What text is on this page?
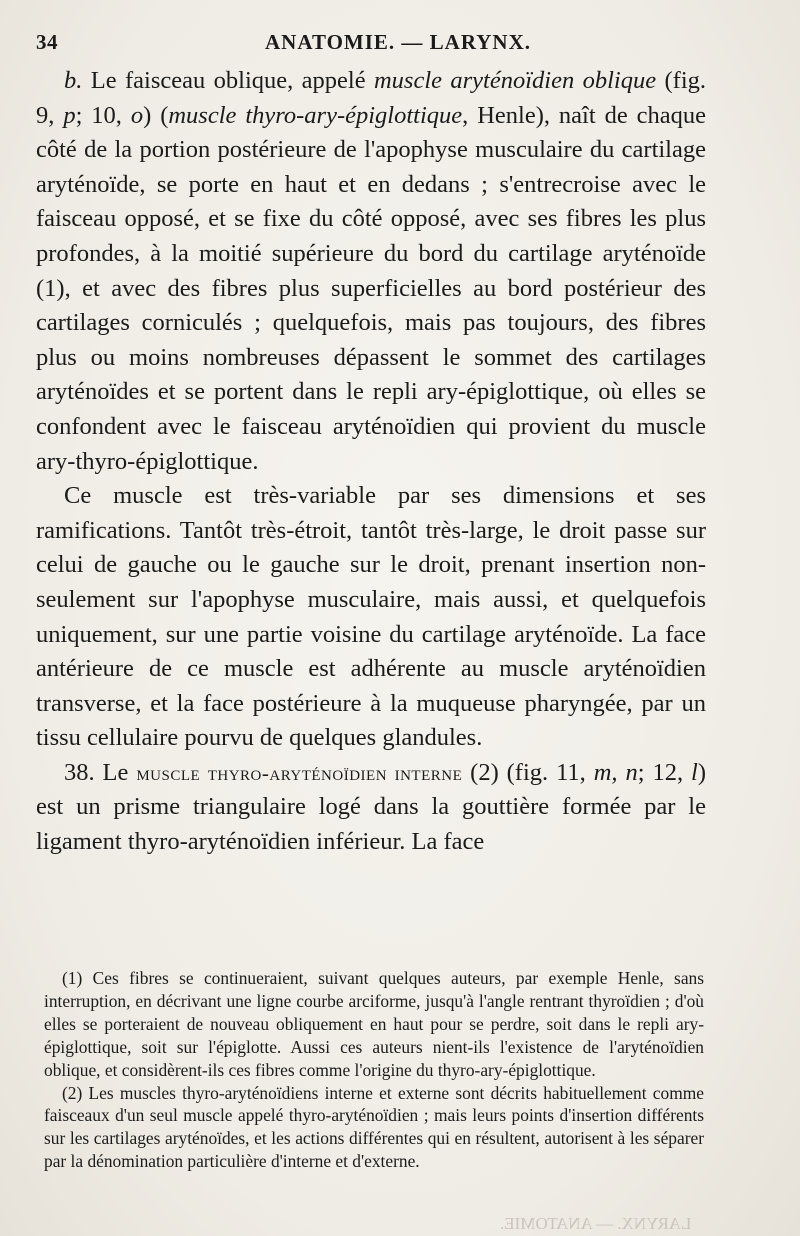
34	ANATOMIE. — LARYNX.

b. Le faisceau oblique, appelé muscle aryténoïdien oblique (fig. 9, p; 10, o) (muscle thyro-ary-épiglottique, Henle), naît de chaque côté de la portion postérieure de l'apophyse musculaire du cartilage aryténoïde, se porte en haut et en dedans ; s'entrecroise avec le faisceau opposé, et se fixe du côté opposé, avec ses fibres les plus profondes, à la moitié supérieure du bord du cartilage aryténoïde (1), et avec des fibres plus superficielles au bord postérieur des cartilages corniculés ; quelquefois, mais pas toujours, des fibres plus ou moins nombreuses dépassent le sommet des cartilages aryténoïdes et se portent dans le repli ary-épiglottique, où elles se confondent avec le faisceau aryténoïdien qui provient du muscle ary-thyro-épiglottique.

Ce muscle est très-variable par ses dimensions et ses ramifications. Tantôt très-étroit, tantôt très-large, le droit passe sur celui de gauche ou le gauche sur le droit, prenant insertion non-seulement sur l'apophyse musculaire, mais aussi, et quelquefois uniquement, sur une partie voisine du cartilage aryténoïde. La face antérieure de ce muscle est adhérente au muscle aryténoïdien transverse, et la face postérieure à la muqueuse pharyngée, par un tissu cellulaire pourvu de quelques glandules.

38. Le muscle thyro-aryténoïdien interne (2) (fig. 11, m, n; 12, l) est un prisme triangulaire logé dans la gouttière formée par le ligament thyro-aryténoïdien inférieur. La face

(1) Ces fibres se continueraient, suivant quelques auteurs, par exemple Henle, sans interruption, en décrivant une ligne courbe arciforme, jusqu'à l'angle rentrant thyroïdien ; d'où elles se porteraient de nouveau obliquement en haut pour se perdre, soit dans le repli ary-épiglottique, soit sur l'épiglotte. Aussi ces auteurs nient-ils l'existence de l'aryténoïdien oblique, et considèrent-ils ces fibres comme l'origine du thyro-ary-épiglottique.

(2) Les muscles thyro-aryténoïdiens interne et externe sont décrits habituellement comme faisceaux d'un seul muscle appelé thyro-aryténoïdien ; mais leurs points d'insertion différents sur les cartilages aryténoïdes, et les actions différentes qui en résultent, autorisent à les séparer par la dénomination particulière d'interne et d'externe.

LARYNX. — ANATOMIE.
